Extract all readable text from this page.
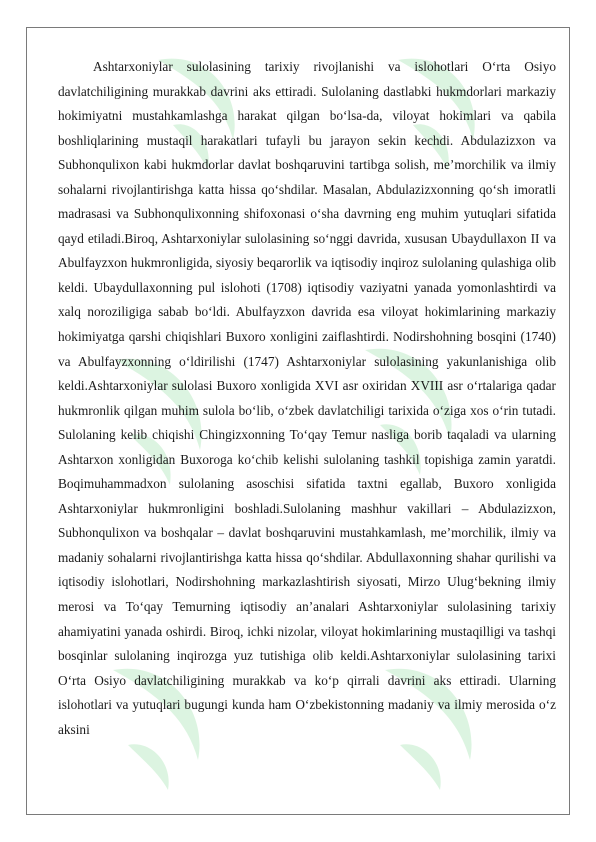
Ashtarxoniylar sulolasining tarixiy rivojlanishi va islohotlari O‘rta Osiyo davlatchiligining murakkab davrini aks ettiradi. Sulolaning dastlabki hukmdorlari markaziy hokimiyatni mustahkamlashga harakat qilgan bo‘lsa-da, viloyat hokimlari va qabila boshliqlarining mustaqil harakatlari tufayli bu jarayon sekin kechdi. Abdulazizxon va Subhonqulixon kabi hukmdorlar davlat boshqaruvini tartibga solish, me’morchilik va ilmiy sohalarni rivojlantirishga katta hissa qo‘shdilar. Masalan, Abdulazizxonning qo‘sh imoratli madrasasi va Subhonqulixonning shifoxonasi o‘sha davrning eng muhim yutuqlari sifatida qayd etiladi.Biroq, Ashtarxoniylar sulolasining so‘nggi davrida, xususan Ubaydullaxon II va Abulfayzxon hukmronligida, siyosiy beqarorlik va iqtisodiy inqiroz sulolaning qulashiga olib keldi. Ubaydullaxonning pul islohoti (1708) iqtisodiy vaziyatni yanada yomonlashtirdi va xalq noroziligiga sabab bo‘ldi. Abulfayzxon davrida esa viloyat hokimlarining markaziy hokimiyatga qarshi chiqishlari Buxoro xonligini zaiflashtirdi. Nodirshohning bosqini (1740) va Abulfayzxonning o‘ldirilishi (1747) Ashtarxoniylar sulolasining yakunlanishiga olib keldi.Ashtarxoniylar sulolasi Buxoro xonligida XVI asr oxiridan XVIII asr o‘rtalariga qadar hukmronlik qilgan muhim sulola bo‘lib, o‘zbek davlatchiligi tarixida o‘ziga xos o‘rin tutadi. Sulolaning kelib chiqishi Chingizxonning To‘qay Temur nasliga borib taqaladi va ularning Ashtarxon xonligidan Buxoroga ko‘chib kelishi sulolaning tashkil topishiga zamin yaratdi. Boqimuhammadxon sulolaning asoschisi sifatida taxtni egallab, Buxoro xonligida Ashtarxoniylar hukmronligini boshladi.Sulolaning mashhur vakillari – Abdulazizxon, Subhonqulixon va boshqalar – davlat boshqaruvini mustahkamlash, me’morchilik, ilmiy va madaniy sohalarni rivojlantirishga katta hissa qo‘shdilar. Abdullaxonning shahar qurilishi va iqtisodiy islohotlari, Nodirshohning markazlashtirish siyosati, Mirzo Ulug‘bekning ilmiy merosi va To‘qay Temurning iqtisodiy an’analari Ashtarxoniylar sulolasining tarixiy ahamiyatini yanada oshirdi. Biroq, ichki nizolar, viloyat hokimlarining mustaqilligi va tashqi bosqinlar sulolaning inqirozga yuz tutishiga olib keldi.Ashtarxoniylar sulolasining tarixi O‘rta Osiyo davlatchiligining murakkab va ko‘p qirrali davrini aks ettiradi. Ularning islohotlari va yutuqlari bugungi kunda ham O‘zbekistonning madaniy va ilmiy merosida o‘z aksini
